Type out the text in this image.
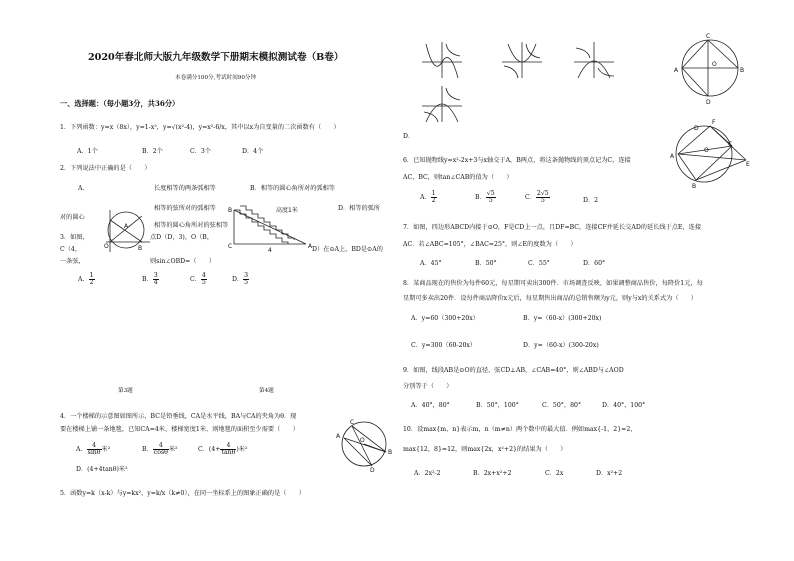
2020年春北师大版九年级数学下册期末模拟测试卷（B卷）
本卷满分100分,考试时间90分钟
一、选择题：（每小题3分，共36分）
1．下列函数：y=x（8x），y=1-x²，y=√(x²-4)，y=x²-6/x，其中以x为自变量的二次函数有（　　）
A．1个	B．2个	C．3个	D．4个
2．下列说法中正确的是（　　）
A．	长度相等的两条弧相等	B．相等的圆心角所对的弧相等
相等的弦所对的弧相等	D．相等的弧所
对的圆心
相等的圆心角所对的弦相等
3．如图，	点D（D，3)，O（B，
C（4，
一条弦，
D）在⊙A上，BD是⊙A的
则sin∠OBD=（　　）
A． $\frac{1}{2}$	B． $\frac{3}{4}$	C． $\frac{4}{5}$	D． $\frac{3}{5}$
A
O	B
B
C	A
4
高度1米
第3题	第4题
4．一个楼梯的示意图如图所示，BC是铅垂线，CA是水平线，BA与CA的夹角为θ．现
要在楼梯上铺一条地毯，已知CA=4米，楼梯宽度1米，则地毯的面积至少需要（　　）
A． $\frac{4}{\sin\theta}$ 米²	B． $\frac{4}{\cos\theta}$ 米²	C．($4+ \frac{4}{\tan\theta}$ )米²
D．(4+4tanθ)米²
A
O
B
C
D
5．函数y=k（x-k）与y=kx²，y=k/x（k≠0），在同一坐标系上的图象正确的是（　　）
D．
C
A
O
B
D
F
D
A
O
C
E
B
6．已知抛物线y=x²-2x+3与x轴交于A，B两点，将这条抛物线的顶点记为C，连接
AC、BC，则tan∠CAB的值为（　　）
A． $\frac{1}{2}$	B． $\frac{√5}{5}$	C． $\frac{2√5}{5}$	D．2
7．如图，四边形ABCD内接于⊙O，F是CD上一点，且DF=BC，连接CF并延长交AD的延长线于点E，连接
AC．若∠ABC=105°，∠BAC=25°，则∠E的度数为（　　）
A．45°	B．50°	C．55°	D．60°
8．某商品现在的售价为每件60元，每星期可卖出300件．市场调查反映，如果调整商品售价，每降价1元，每
星期可多卖出20件．设每件商品降价x元后，每星期售出商品的总销售额为y元，则y与x的关系式为（　　）
A．y=60（300+20x）	B．y=（60-x）(300+20x)
C．y=300（60-20x）	D．y=（60-x）(300-20x)
9．如图，线段AB是⊙O的直径，弦CD⊥AB，∠CAB=40°，则∠ABD与∠AOD
分别等于（　　）
A．40°，80°	B．50°，100°	C．50°，80°	D．40°，100°
10．设max{m，n}表示m，n（m≠n）两个数中的最大值．例如max{-1，2}=2，
max{12，8}=12，则max{2x，x²+2}的结果为（　　）
A．2x²-2	B．2x+x²+2	C．2x	D．x²+2
